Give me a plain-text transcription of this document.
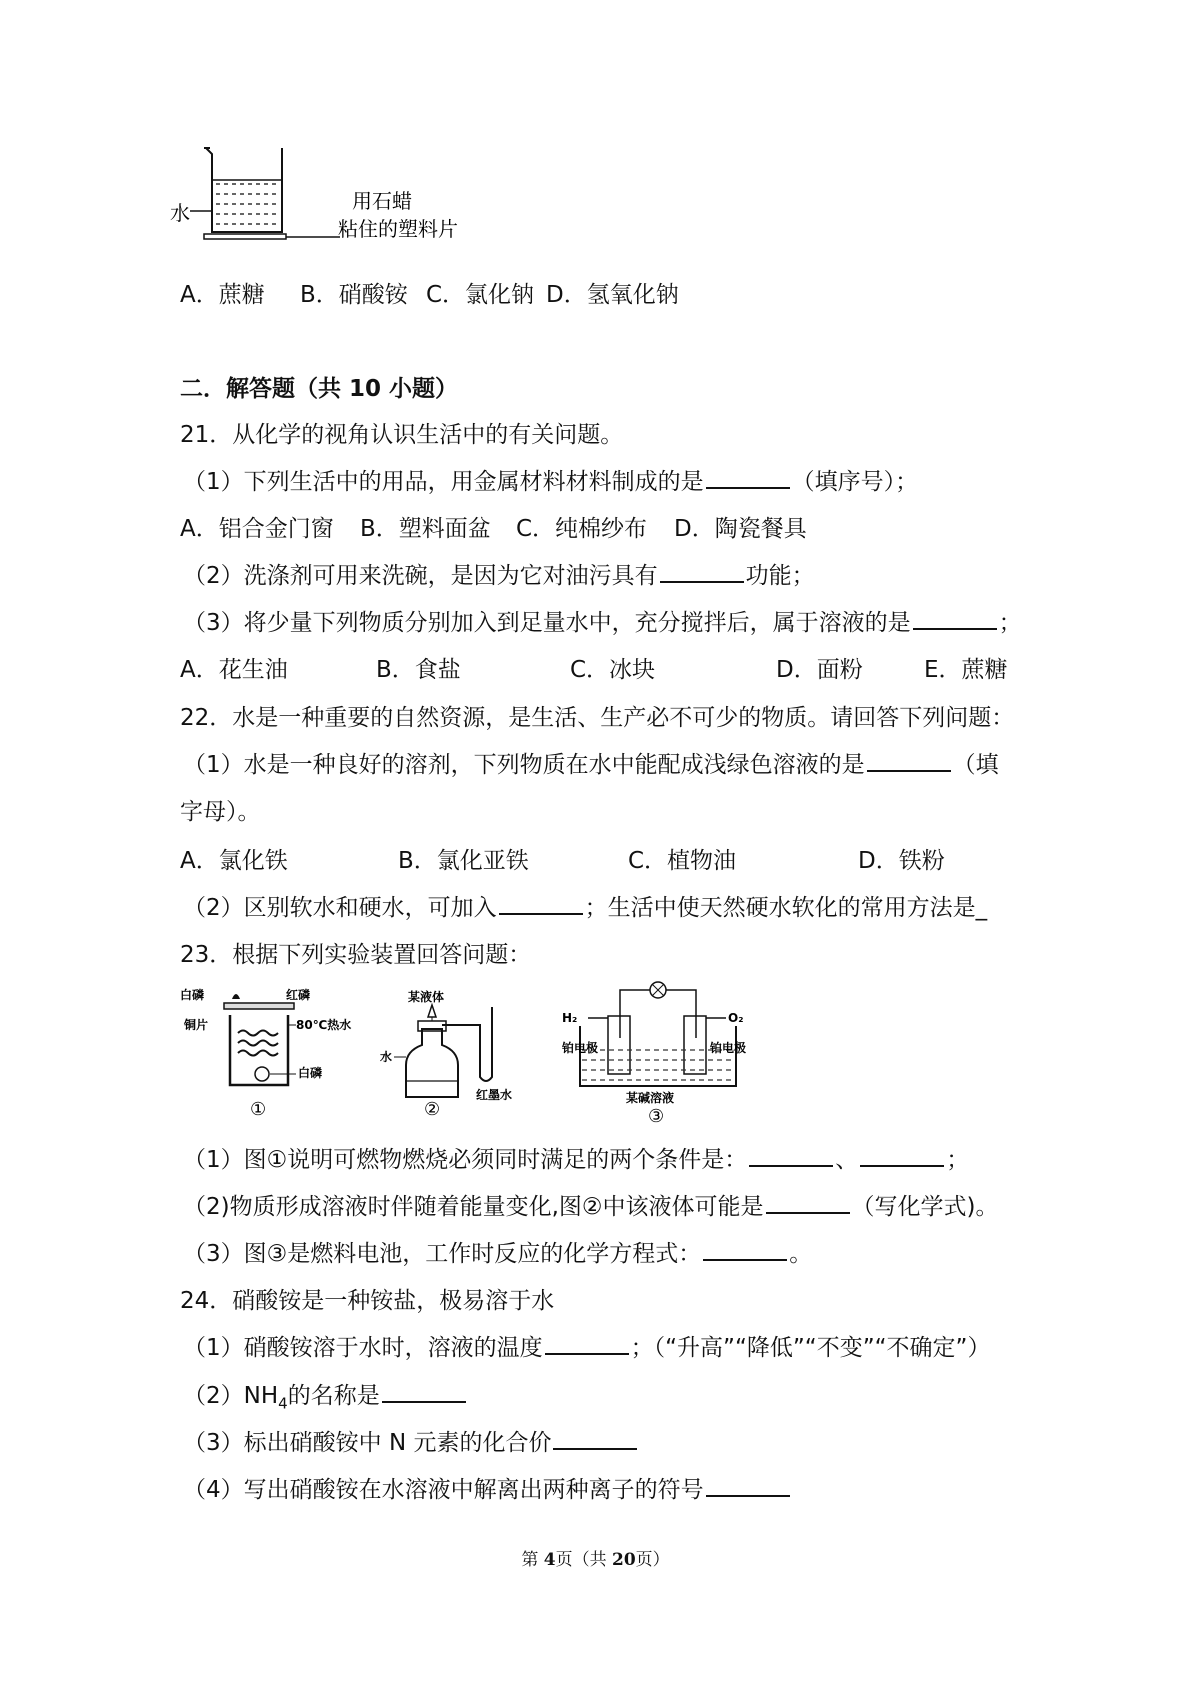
水	用石蜡
粘住的塑料片
A．蔗糖 B．硝酸铵 C．氯化钠 D．氢氧化钠
二．解答题（共 10 小题）
21．从化学的视角认识生活中的有关问题。
（1）下列生活中的用品，用金属材料材料制成的是	（填序号）；
A．铝合金门窗 B．塑料面盆 C．纯棉纱布 D．陶瓷餐具
（2）洗涤剂可用来洗碗，是因为它对油污具有	功能；
（3）将少量下列物质分别加入到足量水中，充分搅拌后，属于溶液的是	；
A．花生油	B．食盐	C．冰块	D．面粉	E．蔗糖
22．水是一种重要的自然资源，是生活、生产必不可少的物质。请回答下列问题：
（1）水是一种良好的溶剂，下列物质在水中能配成浅绿色溶液的是	（填
字母）。
A．氯化铁	B．氯化亚铁	C．植物油	D．铁粉
（2）区别软水和硬水，可加入	；生活中使天然硬水软化的常用方法是_
23．根据下列实验装置回答问题：
白磷	红磷
铜片	80℃热水
白磷
①
某液体
水
红墨水
②
H₂	O₂
铂电极	铂电极
某碱溶液
③
（1）图①说明可燃物燃烧必须同时满足的两个条件是：	、	；
（2)物质形成溶液时伴随着能量变化,图②中该液体可能是	（写化学式)。
（3）图③是燃料电池，工作时反应的化学方程式：	。
24．硝酸铵是一种铵盐，极易溶于水
（1）硝酸铵溶于水时，溶液的温度	；（“升高”“降低”“不变”“不确定”）
$(2)NH_4$的名称是
（3）标出硝酸铵中 N 元素的化合价
（4）写出硝酸铵在水溶液中解离出两种离子的符号
第 4页（共 20页）
